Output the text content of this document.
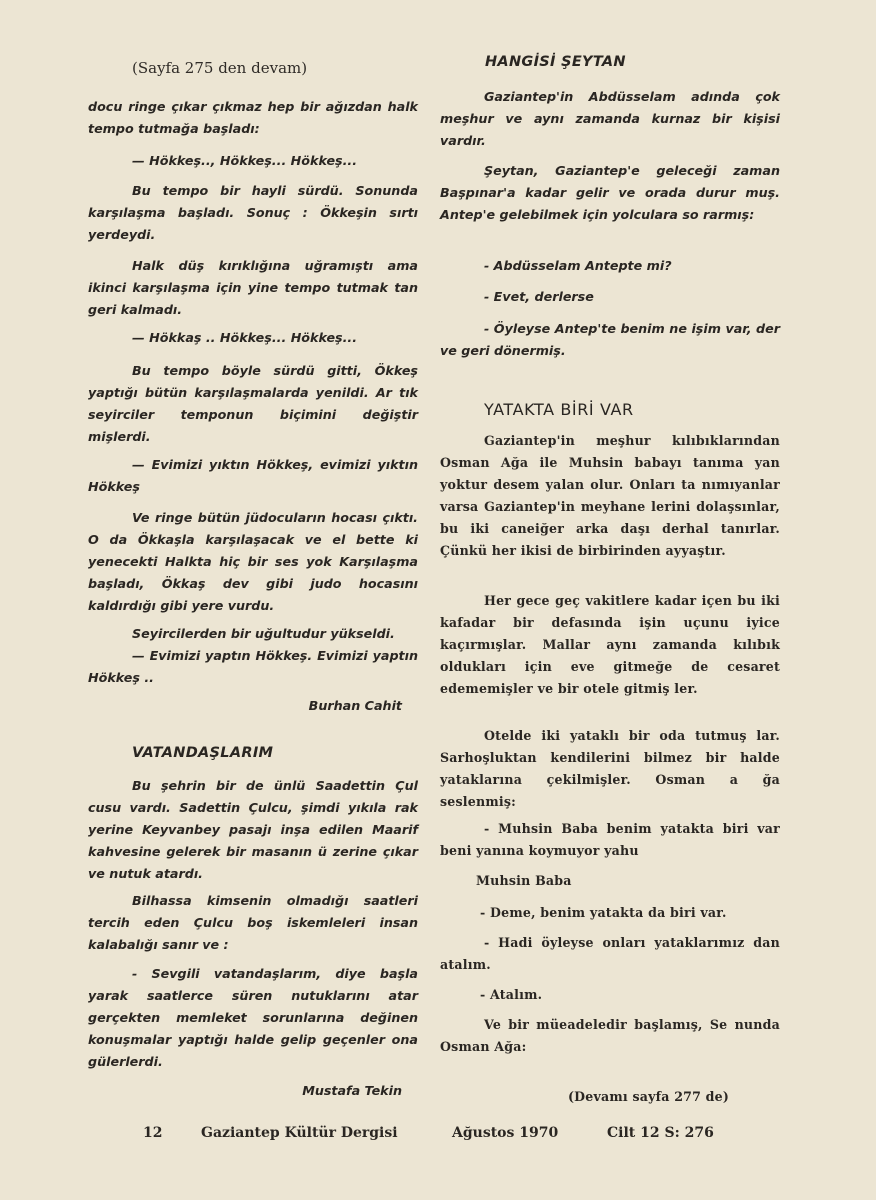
(Sayfa 275 den devam)

docu ringe çıkar çıkmaz hep bir ağızdan halk tempo tutmağa başladı:

— Hökkeş.., Hökkeş... Hökkeş...

Bu tempo bir hayli sürdü. Sonunda karşılaşma başladı. Sonuç : Ökkeşin sırtı yerdeydi.

Halk düş kırıklığına uğramıştı ama ikinci karşılaşma için yine tempo tutmak tan geri kalmadı.

— Hökkaş .. Hökkeş... Hökkeş...

Bu tempo böyle sürdü gitti, Ökkeş yaptığı bütün karşılaşmalarda yenildi. Ar tık seyirciler temponun biçimini değiştir mişlerdi.

— Evimizi yıktın Hökkeş, evimizi yıktın Hökkeş

Ve ringe bütün jüdocuların hocası çıktı. O da Ökkaşla karşılaşacak ve el bette ki yenecekti Halkta hiç bir ses yok Karşılaşma başladı, Ökkaş dev gibi judo hocasını kaldırdığı gibi yere vurdu.

Seyircilerden bir uğultudur yükseldi.

— Evimizi yaptın Hökkeş. Evimizi yaptın Hökkeş ..

Burhan Cahit

VATANDAŞLARIM

Bu şehrin bir de ünlü Saadettin Çul cusu vardı. Sadettin Çulcu, şimdi yıkıla rak yerine Keyvanbey pasajı inşa edilen Maarif kahvesine gelerek bir masanın ü zerine çıkar ve nutuk atardı.

Bilhassa kimsenin olmadığı saatleri tercih eden Çulcu boş iskemleleri insan kalabalığı sanır ve :

- Sevgili vatandaşlarım, diye başla yarak saatlerce süren nutuklarını atar gerçekten memleket sorunlarına değinen konuşmalar yaptığı halde gelip geçenler ona gülerlerdi.

Mustafa Tekin

HANGİSİ ŞEYTAN

Gaziantep'in Abdüsselam adında çok meşhur ve aynı zamanda kurnaz bir kişisi vardır.

Şeytan, Gaziantep'e geleceği zaman Başpınar'a kadar gelir ve orada durur muş. Antep'e gelebilmek için yolculara so rarmış:

- Abdüsselam Antepte mi?

- Evet, derlerse

- Öyleyse Antep'te benim ne işim var, der ve geri dönermiş.

YATAKTA BİRİ VAR

Gaziantep'in meşhur kılıbıklarından Osman Ağa ile Muhsin babayı tanıma yan yoktur desem yalan olur. Onları ta nımıyanlar varsa Gaziantep'in meyhane lerini dolaşsınlar, bu iki caneiğer arka daşı derhal tanırlar. Çünkü her ikisi de birbirinden ayyaştır.

Her gece geç vakitlere kadar içen bu iki kafadar bir defasında işin uçunu iyice kaçırmışlar. Mallar aynı zamanda kılıbık oldukları için eve gitmeğe de cesaret edememişler ve bir otele gitmiş ler.

Otelde iki yataklı bir oda tutmuş lar. Sarhoşluktan kendilerini bilmez bir halde yataklarına çekilmişler. Osman a ğa seslenmiş:

- Muhsin Baba benim yatakta biri var beni yanına koymuyor yahu

Muhsin Baba

- Deme, benim yatakta da biri var.

- Hadi öyleyse onları yataklarımız dan atalım.

- Atalım.

Ve bir müeadeledir başlamış, Se nunda Osman Ağa:

(Devamı sayfa 277 de)

12	Gaziantep Kültür Dergisi	Ağustos 1970	Cilt 12 S: 276
